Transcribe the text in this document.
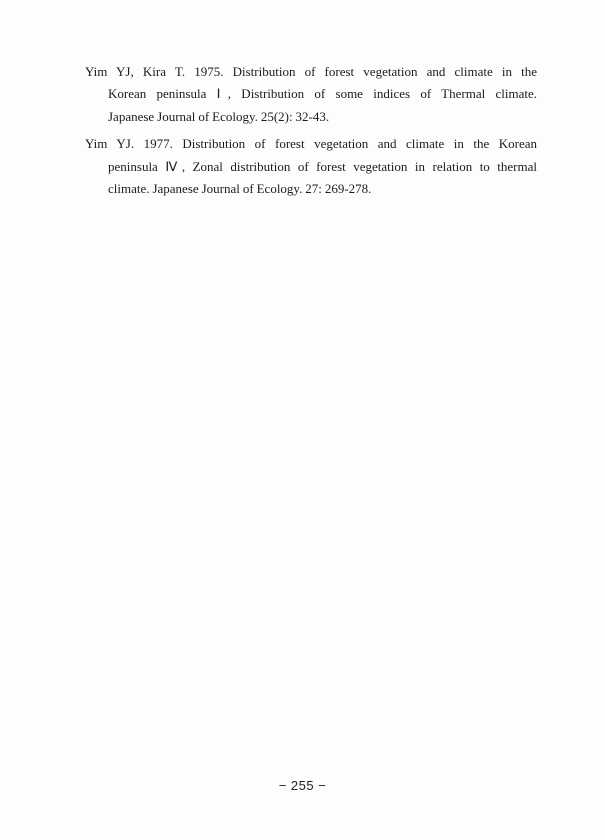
Yim YJ, Kira T. 1975. Distribution of forest vegetation and climate in the
Korean peninsula Ⅰ, Distribution of some indices of Thermal climate.
Japanese Journal of Ecology. 25(2): 32-43.
Yim YJ. 1977. Distribution of forest vegetation and climate in the Korean
peninsula Ⅳ, Zonal distribution of forest vegetation in relation to thermal
climate. Japanese Journal of Ecology. 27: 269-278.
− 255 −
